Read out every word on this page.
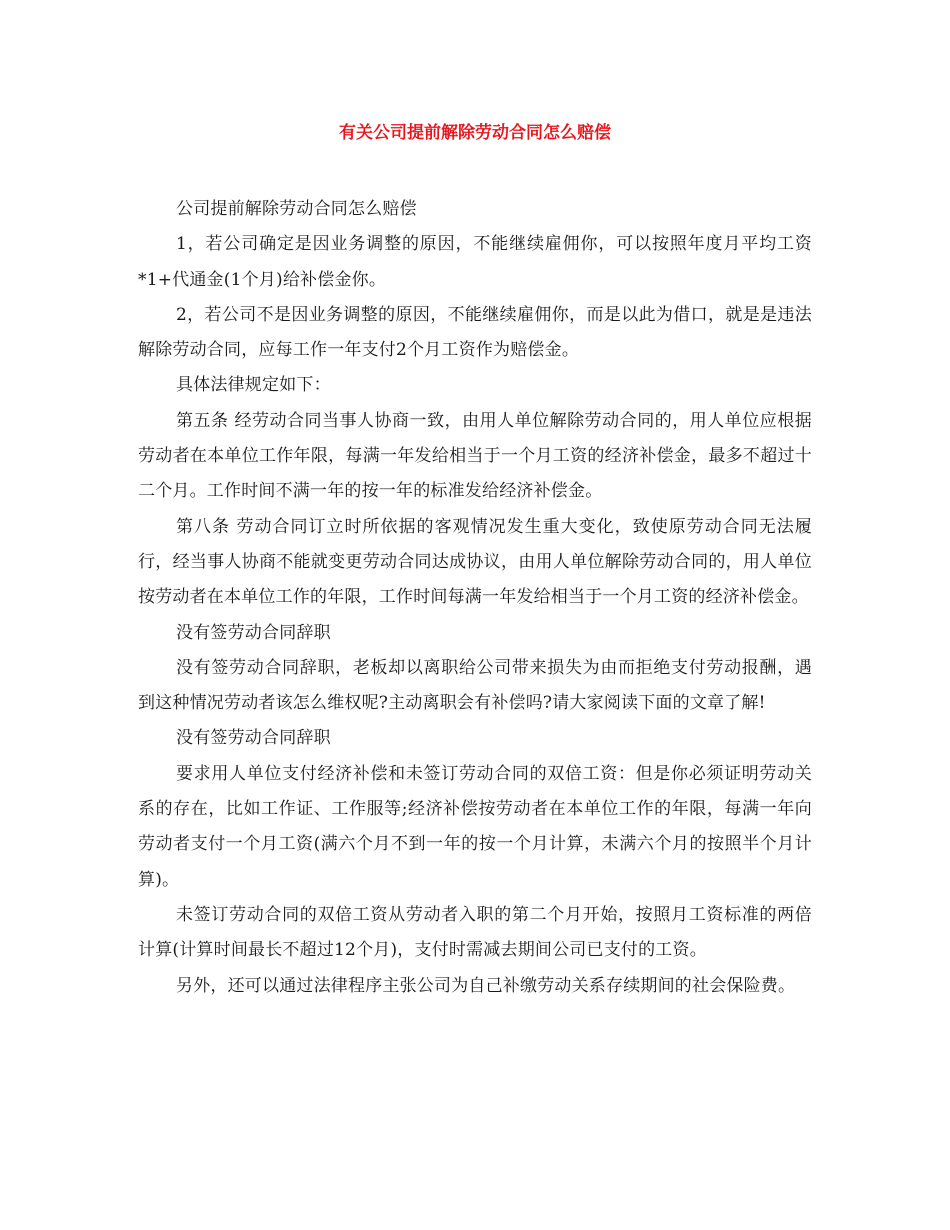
有关公司提前解除劳动合同怎么赔偿

公司提前解除劳动合同怎么赔偿

1，若公司确定是因业务调整的原因，不能继续雇佣你，可以按照年度月平均工资*1+代通金(1个月)给补偿金你。

2，若公司不是因业务调整的原因，不能继续雇佣你，而是以此为借口，就是是违法解除劳动合同，应每工作一年支付2个月工资作为赔偿金。

具体法律规定如下：

第五条 经劳动合同当事人协商一致，由用人单位解除劳动合同的，用人单位应根据劳动者在本单位工作年限，每满一年发给相当于一个月工资的经济补偿金，最多不超过十二个月。工作时间不满一年的按一年的标准发给经济补偿金。

第八条 劳动合同订立时所依据的客观情况发生重大变化，致使原劳动合同无法履行，经当事人协商不能就变更劳动合同达成协议，由用人单位解除劳动合同的，用人单位按劳动者在本单位工作的年限，工作时间每满一年发给相当于一个月工资的经济补偿金。

没有签劳动合同辞职

没有签劳动合同辞职，老板却以离职给公司带来损失为由而拒绝支付劳动报酬，遇到这种情况劳动者该怎么维权呢?主动离职会有补偿吗?请大家阅读下面的文章了解!

没有签劳动合同辞职

要求用人单位支付经济补偿和未签订劳动合同的双倍工资：但是你必须证明劳动关系的存在，比如工作证、工作服等;经济补偿按劳动者在本单位工作的年限，每满一年向劳动者支付一个月工资(满六个月不到一年的按一个月计算，未满六个月的按照半个月计算)。

未签订劳动合同的双倍工资从劳动者入职的第二个月开始，按照月工资标准的两倍计算(计算时间最长不超过12个月)，支付时需减去期间公司已支付的工资。

另外，还可以通过法律程序主张公司为自己补缴劳动关系存续期间的社会保险费。
